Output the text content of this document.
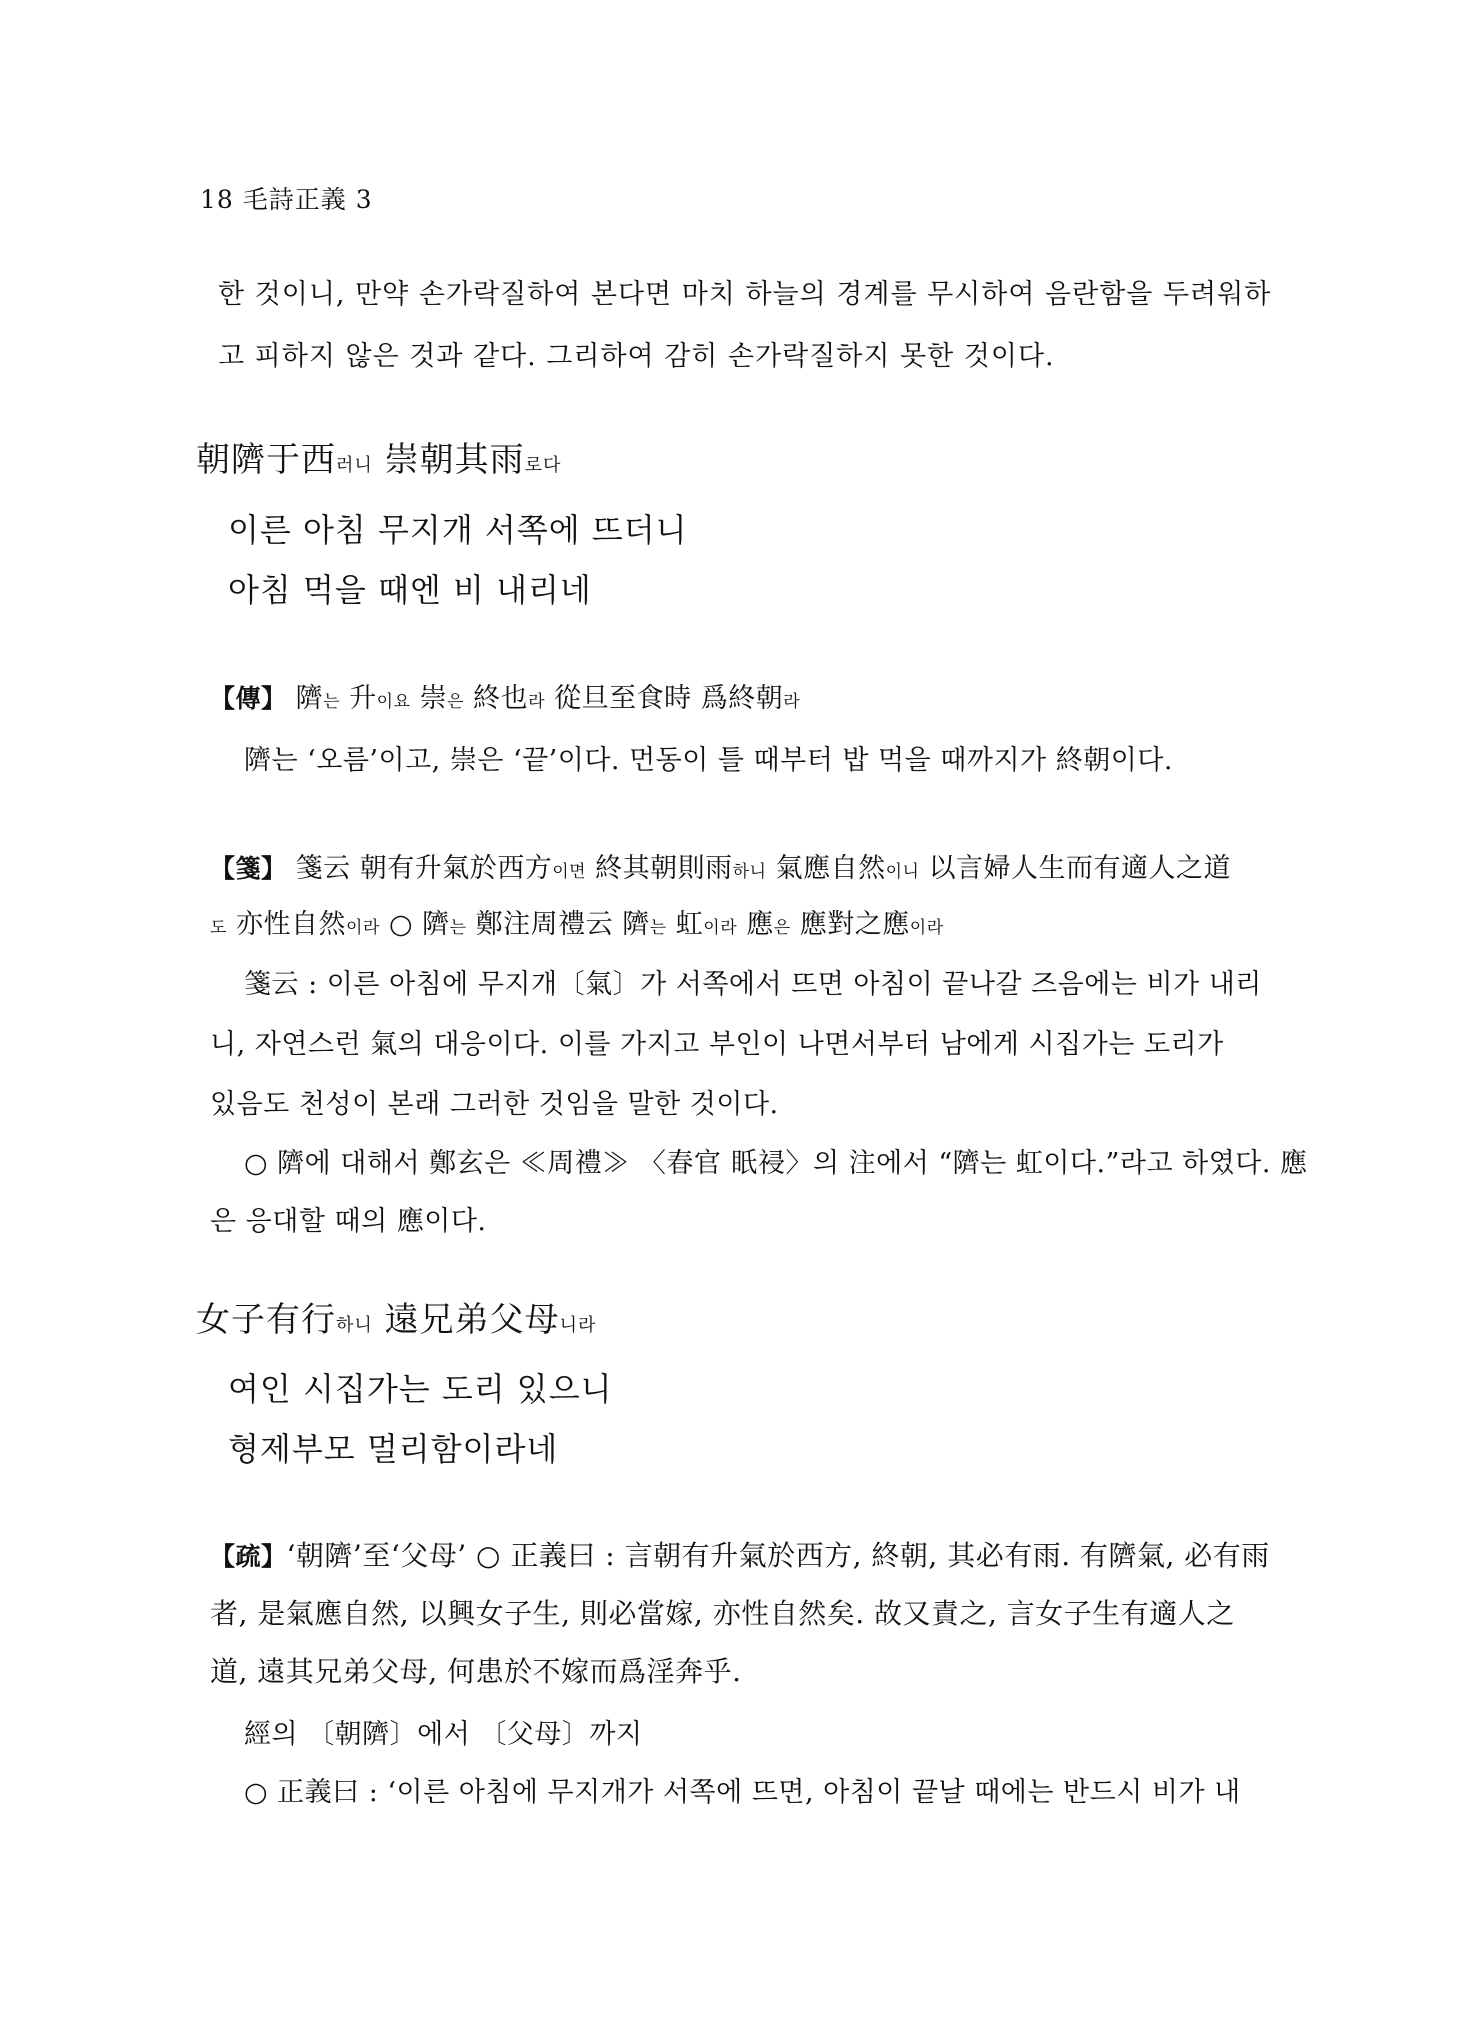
18 毛詩正義 3

한 것이니, 만약 손가락질하여 본다면 마치 하늘의 경계를 무시하여 음란함을 두려워하

고 피하지 않은 것과 같다. 그리하여 감히 손가락질하지 못한 것이다.

朝隮于西러니 崇朝其雨로다

이른 아침 무지개 서쪽에 뜨더니

아침 먹을 때엔 비 내리네

【傳】 隮는 升이요 崇은 終也라 從旦至食時 爲終朝라

隮는 ‘오름’이고, 崇은 ‘끝’이다. 먼동이 틀 때부터 밥 먹을 때까지가 終朝이다.

【箋】 箋云 朝有升氣於西方이면 終其朝則雨하니 氣應自然이니 以言婦人生而有適人之道
도 亦性自然이라 ○ 隮는 鄭注周禮云 隮는 虹이라 應은 應對之應이라

箋云 : 이른 아침에 무지개〔氣〕가 서쪽에서 뜨면 아침이 끝나갈 즈음에는 비가 내리

니, 자연스런 氣의 대응이다. 이를 가지고 부인이 나면서부터 남에게 시집가는 도리가

있음도 천성이 본래 그러한 것임을 말한 것이다.

○ 隮에 대해서 鄭玄은 ≪周禮≫ 〈春官 眂祲〉의 注에서 “隮는 虹이다.”라고 하였다. 應

은 응대할 때의 應이다.

女子有行하니 遠兄弟父母니라

여인 시집가는 도리 있으니

형제부모 멀리함이라네

【疏】‘朝隮’至‘父母’ ○ 正義曰 : 言朝有升氣於西方, 終朝, 其必有雨. 有隮氣, 必有雨

者, 是氣應自然, 以興女子生, 則必當嫁, 亦性自然矣. 故又責之, 言女子生有適人之

道, 遠其兄弟父母, 何患於不嫁而爲淫奔乎.

經의 〔朝隮〕에서 〔父母〕까지

○ 正義曰 : ‘이른 아침에 무지개가 서쪽에 뜨면, 아침이 끝날 때에는 반드시 비가 내
